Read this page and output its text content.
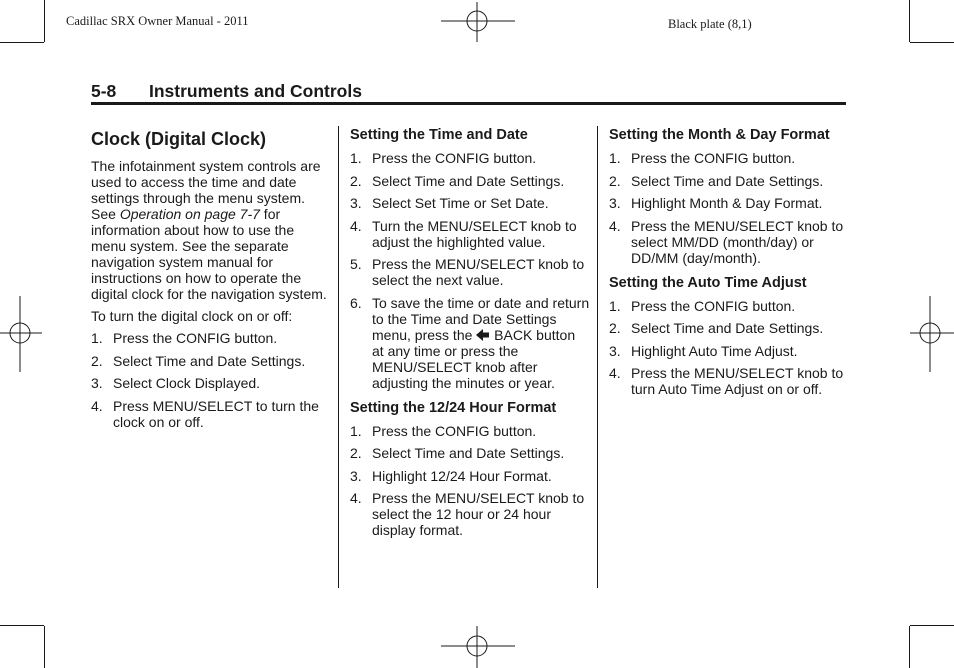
Cadillac SRX Owner Manual - 2011	Black plate (8,1)
5-8 Instruments and Controls
Clock (Digital Clock)

The infotainment system controls are used to access the time and date settings through the menu system. See Operation on page 7-7 for information about how to use the menu system. See the separate navigation system manual for instructions on how to operate the digital clock for the navigation system.

To turn the digital clock on or off:

1. Press the CONFIG button.
2. Select Time and Date Settings.
3. Select Clock Displayed.
4. Press MENU/SELECT to turn the clock on or off.
Setting the Time and Date
1. Press the CONFIG button.
2. Select Time and Date Settings.
3. Select Set Time or Set Date.
4. Turn the MENU/SELECT knob to adjust the highlighted value.
5. Press the MENU/SELECT knob to select the next value.
6. To save the time or date and return to the Time and Date Settings menu, press the  BACK button at any time or press the MENU/SELECT knob after adjusting the minutes or year.
Setting the 12/24 Hour Format
1. Press the CONFIG button.
2. Select Time and Date Settings.
3. Highlight 12/24 Hour Format.
4. Press the MENU/SELECT knob to select the 12 hour or 24 hour display format.
Setting the Month & Day Format
1. Press the CONFIG button.
2. Select Time and Date Settings.
3. Highlight Month & Day Format.
4. Press the MENU/SELECT knob to select MM/DD (month/day) or DD/MM (day/month).
Setting the Auto Time Adjust
1. Press the CONFIG button.
2. Select Time and Date Settings.
3. Highlight Auto Time Adjust.
4. Press the MENU/SELECT knob to turn Auto Time Adjust on or off.
